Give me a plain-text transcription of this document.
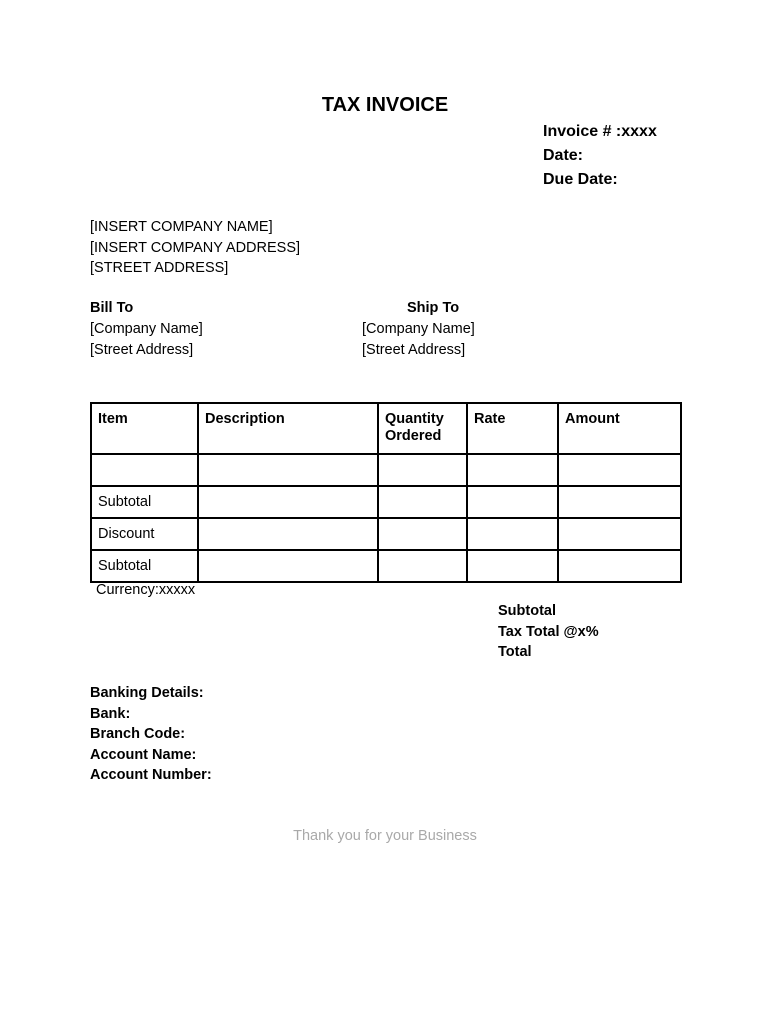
TAX INVOICE
Invoice # :xxxx
Date:
Due Date:
[INSERT COMPANY NAME]
[INSERT COMPANY ADDRESS]
[STREET ADDRESS]
Bill To
[Company Name]
[Street Address]
Ship To
[Company Name]
[Street Address]
Item	Description	Quantity Ordered	Rate	Amount

Subtotal				
Discount				
Subtotal				
Currency:xxxxx
Subtotal
Tax Total @x%
Total
Banking Details:
Bank:
Branch Code:
Account Name:
Account Number:
Thank you for your Business
